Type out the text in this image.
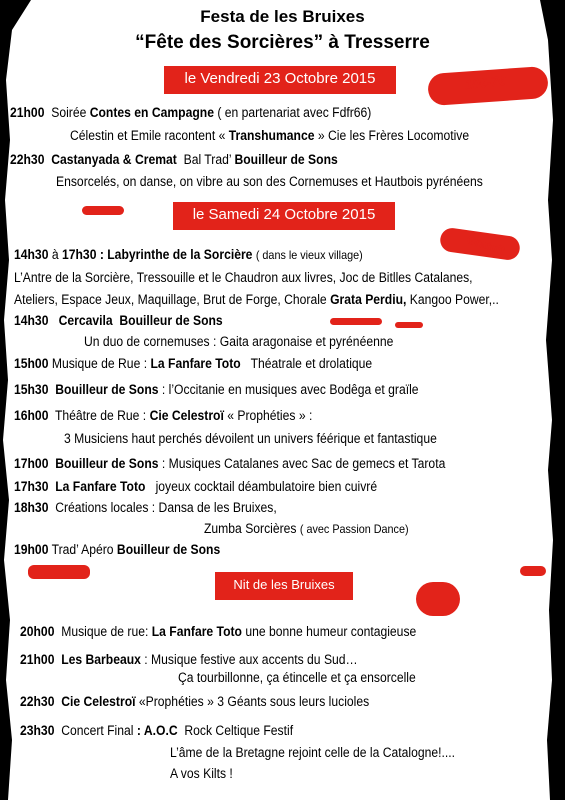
Festa de les Bruixes
“Fête des Sorcières” à Tresserre
le Vendredi 23 Octobre 2015	10€-7€
21h00 Soirée Contes en Campagne ( en partenariat avec Fdfr66)
Célestin et Emile racontent « Transhumance » Cie les Frères Locomotive
22h30 Castanyada & Cremat Bal Trad’ Bouilleur de Sons
Ensorcelés, on danse, on vibre au son des Cornemuses et Hautbois pyrénéens
le Samedi 24 Octobre 2015
Gratuit
14h30 à 17h30 : Labyrinthe de la Sorcière ( dans le vieux village)
L’Antre de la Sorcière, Tressouille et le Chaudron aux livres, Joc de Bitlles Catalanes,
Ateliers, Espace Jeux, Maquillage, Brut de Forge, Chorale Grata Perdiu, Kangoo Power,..
14h30 Cercavila Bouilleur de Sons
Un duo de cornemuses : Gaita aragonaise et pyrénéenne
15h00 Musique de Rue : La Fanfare Toto Théatrale et drolatique
15h30 Bouilleur de Sons : l’Occitanie en musiques avec Bodêga et graïle
16h00 Théâtre de Rue : Cie Celestroï « Prophéties » :
3 Musiciens haut perchés dévoilent un univers féérique et fantastique
17h00 Bouilleur de Sons : Musiques Catalanes avec Sac de gemecs et Tarota
17h30 La Fanfare Toto joyeux cocktail déambulatoire bien cuivré
18h30 Créations locales : Dansa de les Bruixes,
Zumba Sorcières ( avec Passion Dance)
19h00 Trad’ Apéro Bouilleur de Sons
Nit de les Bruixes
20h00 Musique de rue: La Fanfare Toto une bonne humeur contagieuse
21h00 Les Barbeaux : Musique festive aux accents du Sud…
Ça tourbillonne, ça étincelle et ça ensorcelle
22h30 Cie Celestroï «Prophéties » 3 Géants sous leurs lucioles
23h30 Concert Final : A.O.C Rock Celtique Festif
L’âme de la Bretagne rejoint celle de la Catalogne!....
A vos Kilts !
